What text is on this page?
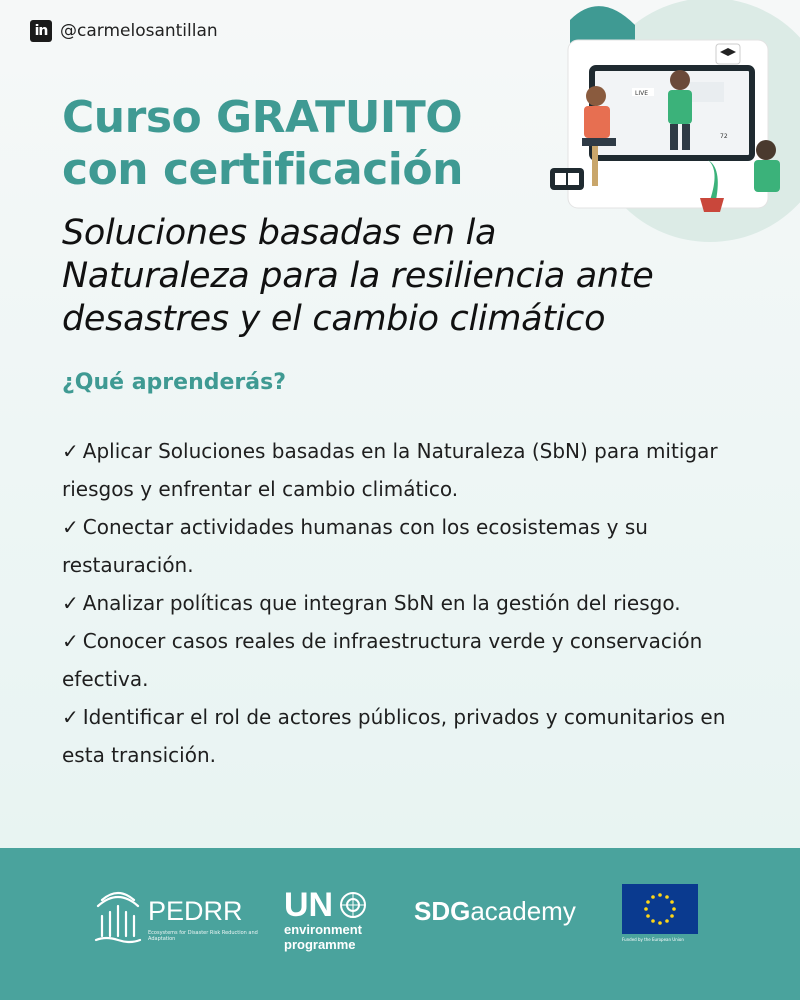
in @carmelosantillan
LIVE
72
Curso GRATUITO
con certificación
Soluciones basadas en la
Naturaleza para la resiliencia ante
desastres y el cambio climático
¿Qué aprenderás?
✓ Aplicar Soluciones basadas en la Naturaleza (SbN) para mitigar riesgos y enfrentar el cambio climático.
✓ Conectar actividades humanas con los ecosistemas y su restauración.
✓ Analizar políticas que integran SbN en la gestión del riesgo.
✓ Conocer casos reales de infraestructura verde y conservación efectiva.
✓ Identificar el rol de actores públicos, privados y comunitarios en esta transición.
PEDRR
Ecosystems for Disaster Risk Reduction and Adaptation
UN
environment
programme
SDGacademy
Funded by the European Union
